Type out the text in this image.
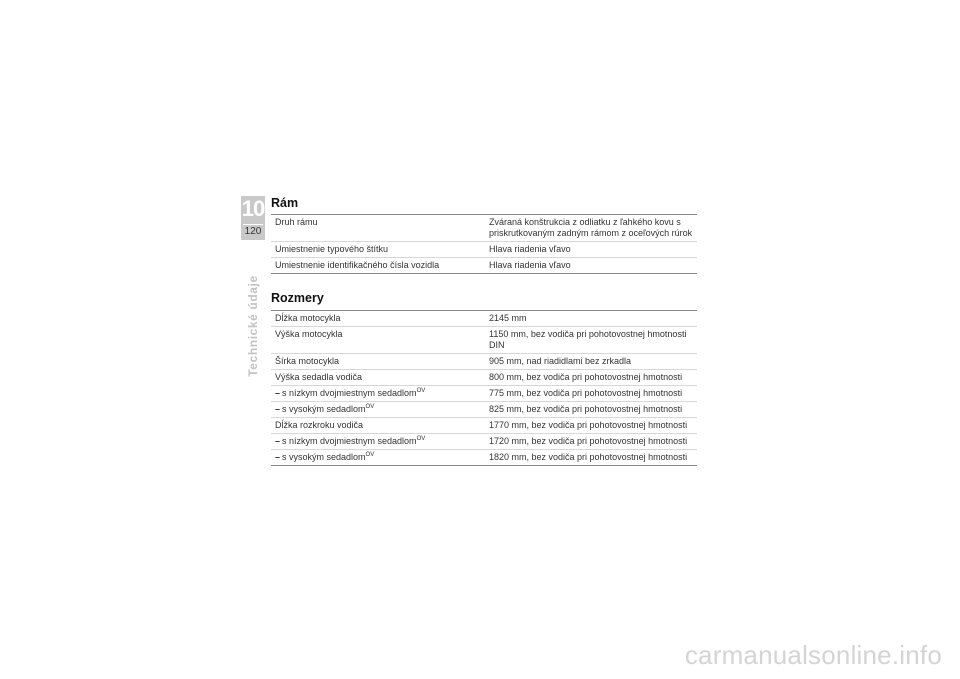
10
120
Technické údaje
Rám
Druh rámu	Zváraná konštrukcia z odliatku z ľahkého kovu s priskrutkovaným zadným rámom z oceľových rúrok
Umiestnenie typového štítku	Hlava riadenia vľavo
Umiestnenie identifikačného čísla vozidla	Hlava riadenia vľavo
Rozmery
Dĺžka motocykla	2145 mm
Výška motocykla	1150 mm, bez vodiča pri pohotovostnej hmotnosti DIN
Šírka motocykla	905 mm, nad riadidlami bez zrkadla
Výška sedadla vodiča	800 mm, bez vodiča pri pohotovostnej hmotnosti
– s nízkym dvojmiestnym sedadlom$^{OV}$	775 mm, bez vodiča pri pohotovostnej hmotnosti
– s vysokým sedadlom$^{OV}$	825 mm, bez vodiča pri pohotovostnej hmotnosti
Dĺžka rozkroku vodiča	1770 mm, bez vodiča pri pohotovostnej hmotnosti
– s nízkym dvojmiestnym sedadlom$^{OV}$	1720 mm, bez vodiča pri pohotovostnej hmotnosti
– s vysokým sedadlom$^{OV}$	1820 mm, bez vodiča pri pohotovostnej hmotnosti
carmanualsonline.info
